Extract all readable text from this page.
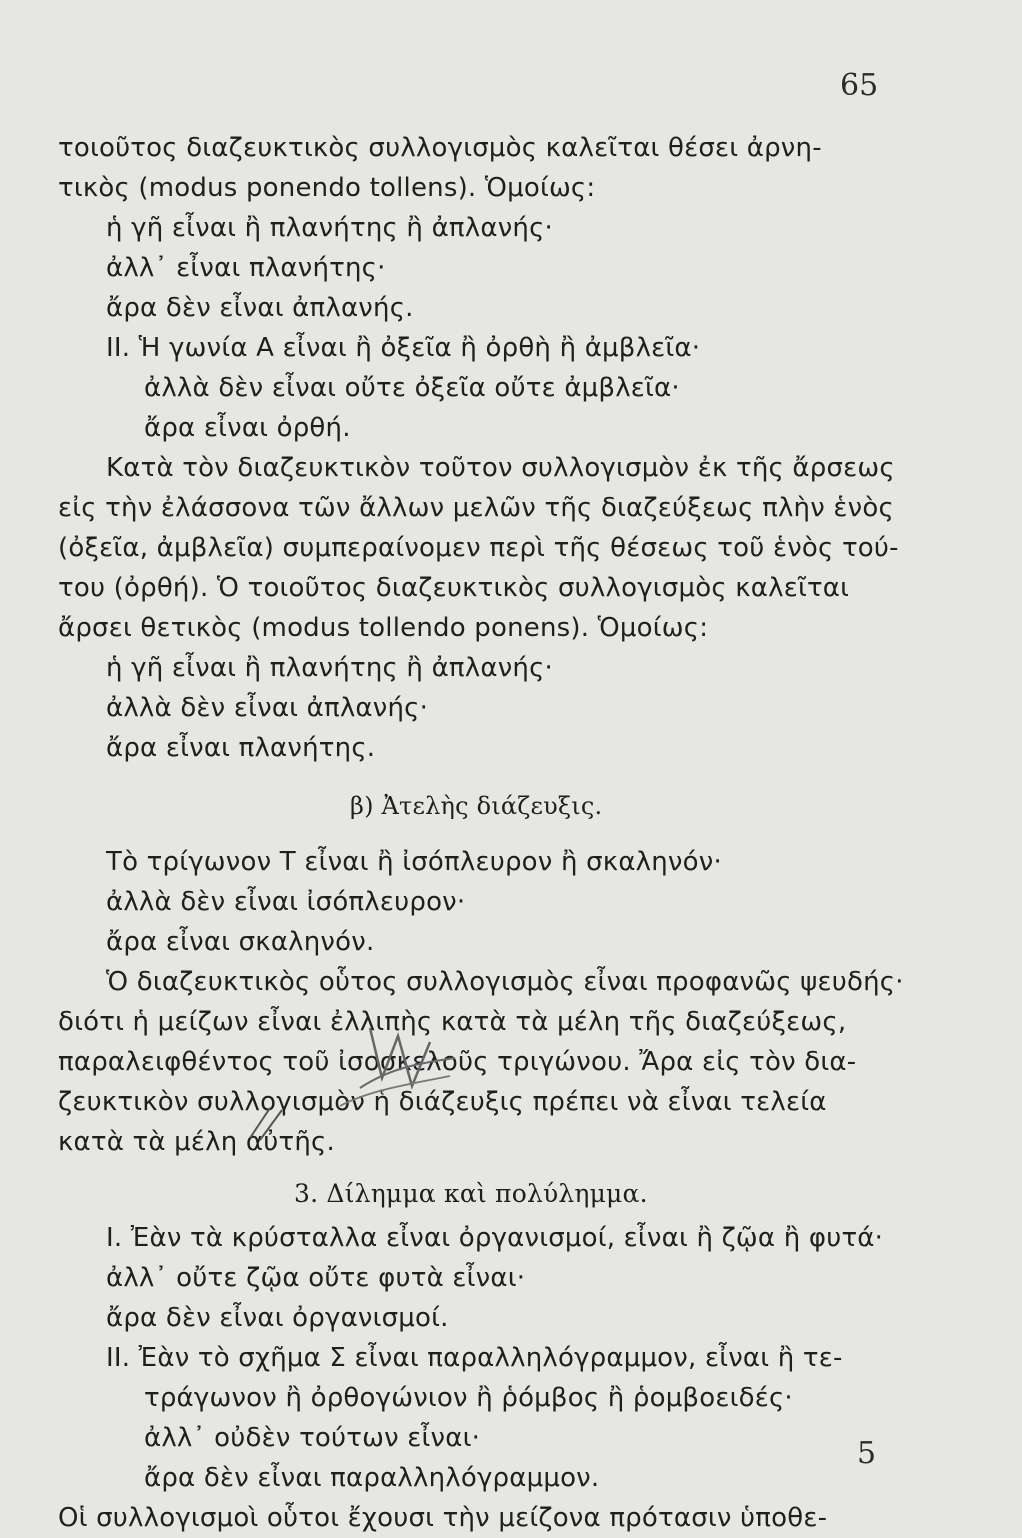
65
τοιοῦτος διαζευκτικὸς συλλογισμὸς καλεῖται θέσει ἀρνη-
τικὸς (modus ponendo tollens). Ὁμοίως:
ἡ γῆ εἶναι ἢ πλανήτης ἢ ἀπλανής·
ἀλλ᾽ εἶναι πλανήτης·
ἄρα δὲν εἶναι ἀπλανής.
II. Ἡ γωνία Α εἶναι ἢ ὀξεῖα ἢ ὀρθὴ ἢ ἀμβλεῖα·
ἀλλὰ δὲν εἶναι οὔτε ὀξεῖα οὔτε ἀμβλεῖα·
ἄρα εἶναι ὀρθή.
Κατὰ τὸν διαζευκτικὸν τοῦτον συλλογισμὸν ἐκ τῆς ἄρσεως
εἰς τὴν ἐλάσσονα τῶν ἄλλων μελῶν τῆς διαζεύξεως πλὴν ἑνὸς
(ὀξεῖα, ἀμβλεῖα) συμπεραίνομεν περὶ τῆς θέσεως τοῦ ἑνὸς τού-
του (ὀρθή). Ὁ τοιοῦτος διαζευκτικὸς συλλογισμὸς καλεῖται
ἄρσει θετικὸς (modus tollendo ponens). Ὁμοίως:
ἡ γῆ εἶναι ἢ πλανήτης ἢ ἀπλανής·
ἀλλὰ δὲν εἶναι ἀπλανής·
ἄρα εἶναι πλανήτης.
β) Ἀτελὴς διάζευξις.
Τὸ τρίγωνον Τ εἶναι ἢ ἰσόπλευρον ἢ σκαληνόν·
ἀλλὰ δὲν εἶναι ἰσόπλευρον·
ἄρα εἶναι σκαληνόν.
Ὁ διαζευκτικὸς οὗτος συλλογισμὸς εἶναι προφανῶς ψευδής·
διότι ἡ μείζων εἶναι ἐλλιπὴς κατὰ τὰ μέλη τῆς διαζεύξεως,
παραλειφθέντος τοῦ ἰσοσκελοῦς τριγώνου. Ἄρα εἰς τὸν δια-
ζευκτικὸν συλλογισμὸν ἡ διάζευξις πρέπει νὰ εἶναι τελεία
κατὰ τὰ μέλη αὐτῆς.
3. Δίλημμα καὶ πολύλημμα.
I. Ἐὰν τὰ κρύσταλλα εἶναι ὀργανισμοί, εἶναι ἢ ζῷα ἢ φυτά·
ἀλλ᾽ οὔτε ζῷα οὔτε φυτὰ εἶναι·
ἄρα δὲν εἶναι ὀργανισμοί.
II. Ἐὰν τὸ σχῆμα Σ εἶναι παραλληλόγραμμον, εἶναι ἢ τε-
τράγωνον ἢ ὀρθογώνιον ἢ ῥόμβος ἢ ῥομβοειδές·
ἀλλ᾽ οὐδὲν τούτων εἶναι·
ἄρα δὲν εἶναι παραλληλόγραμμον.
Οἱ συλλογισμοὶ οὗτοι ἔχουσι τὴν μείζονα πρότασιν ὑποθε-
5
